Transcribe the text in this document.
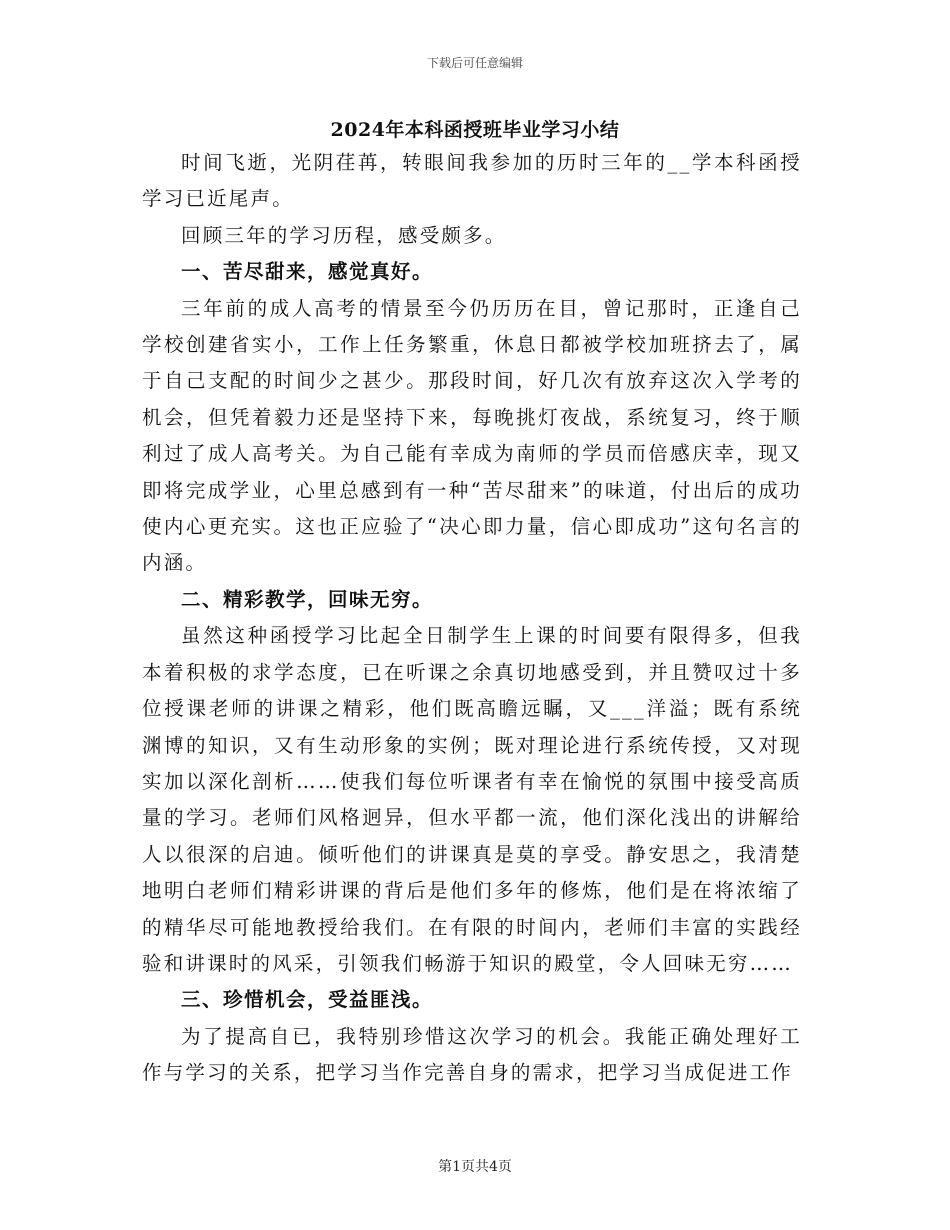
下载后可任意编辑
2024年本科函授班毕业学习小结

时间飞逝，光阴荏苒，转眼间我参加的历时三年的__学本科函授学习已近尾声。

回顾三年的学习历程，感受颇多。

一、苦尽甜来，感觉真好。

三年前的成人高考的情景至今仍历历在目，曾记那时，正逢自己学校创建省实小，工作上任务繁重，休息日都被学校加班挤去了，属于自己支配的时间少之甚少。那段时间，好几次有放弃这次入学考的机会，但凭着毅力还是坚持下来，每晚挑灯夜战，系统复习，终于顺利过了成人高考关。为自己能有幸成为南师的学员而倍感庆幸，现又即将完成学业，心里总感到有一种“苦尽甜来”的味道，付出后的成功使内心更充实。这也正应验了“决心即力量，信心即成功”这句名言的内涵。

二、精彩教学，回味无穷。

虽然这种函授学习比起全日制学生上课的时间要有限得多，但我本着积极的求学态度，已在听课之余真切地感受到，并且赞叹过十多位授课老师的讲课之精彩，他们既高瞻远瞩，又___洋溢；既有系统渊博的知识，又有生动形象的实例；既对理论进行系统传授，又对现实加以深化剖析……使我们每位听课者有幸在愉悦的氛围中接受高质量的学习。老师们风格迥异，但水平都一流，他们深化浅出的讲解给人以很深的启迪。倾听他们的讲课真是莫的享受。静安思之，我清楚地明白老师们精彩讲课的背后是他们多年的修炼，他们是在将浓缩了的精华尽可能地教授给我们。在有限的时间内，老师们丰富的实践经验和讲课时的风采，引领我们畅游于知识的殿堂，令人回味无穷……

三、珍惜机会，受益匪浅。

为了提高自已，我特别珍惜这次学习的机会。我能正确处理好工作与学习的关系，把学习当作完善自身的需求，把学习当成促进工作

第1页共4页
